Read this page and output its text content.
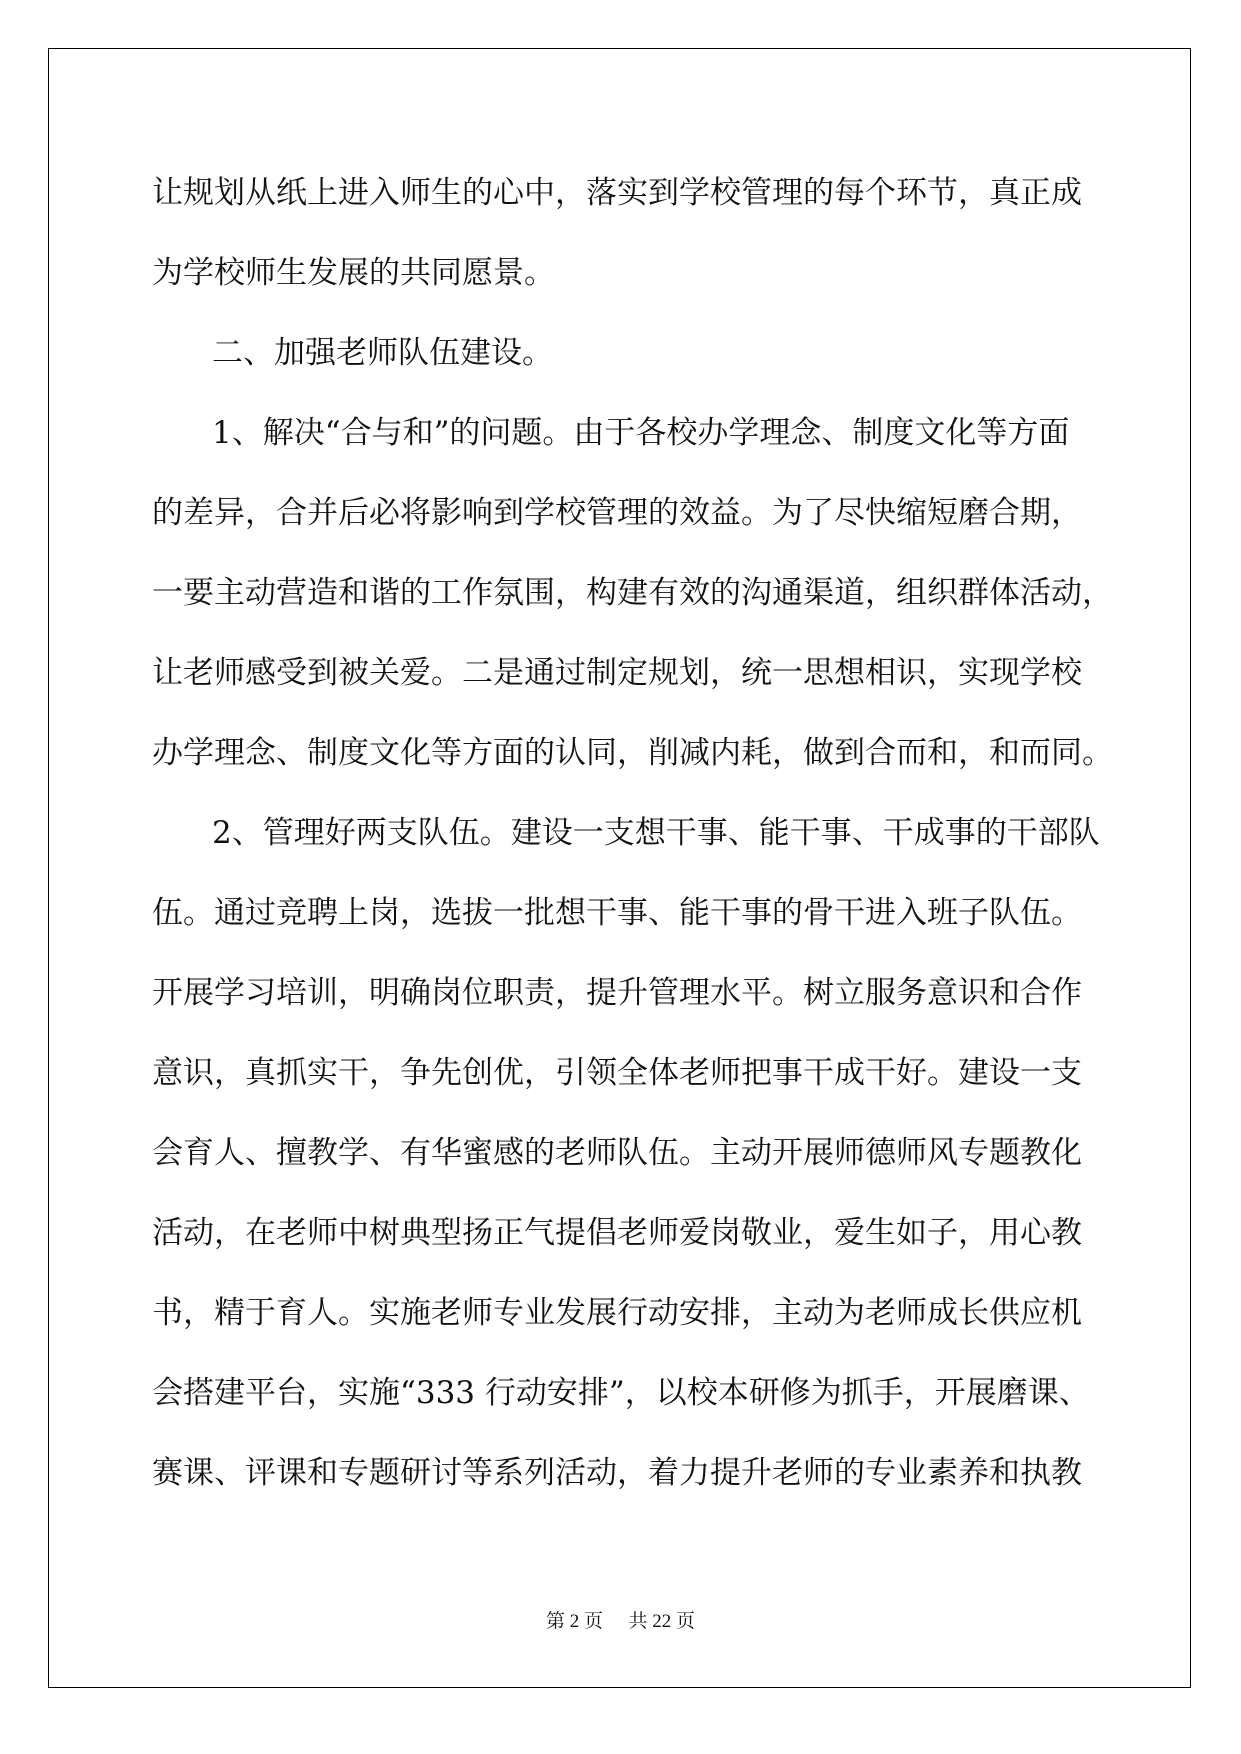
让规划从纸上进入师生的心中，落实到学校管理的每个环节，真正成

为学校师生发展的共同愿景。

二、加强老师队伍建设。

1、解决“合与和”的问题。由于各校办学理念、制度文化等方面

的差异，合并后必将影响到学校管理的效益。为了尽快缩短磨合期，

一要主动营造和谐的工作氛围，构建有效的沟通渠道，组织群体活动，

让老师感受到被关爱。二是通过制定规划，统一思想相识，实现学校

办学理念、制度文化等方面的认同，削减内耗，做到合而和，和而同。

2、管理好两支队伍。建设一支想干事、能干事、干成事的干部队

伍。通过竞聘上岗，选拔一批想干事、能干事的骨干进入班子队伍。

开展学习培训，明确岗位职责，提升管理水平。树立服务意识和合作

意识，真抓实干，争先创优，引领全体老师把事干成干好。建设一支

会育人、擅教学、有华蜜感的老师队伍。主动开展师德师风专题教化

活动，在老师中树典型扬正气提倡老师爱岗敬业，爱生如子，用心教

书，精于育人。实施老师专业发展行动安排，主动为老师成长供应机

会搭建平台，实施“333 行动安排”，以校本研修为抓手，开展磨课、

赛课、评课和专题研讨等系列活动，着力提升老师的专业素养和执教

第 2 页 共 22 页
